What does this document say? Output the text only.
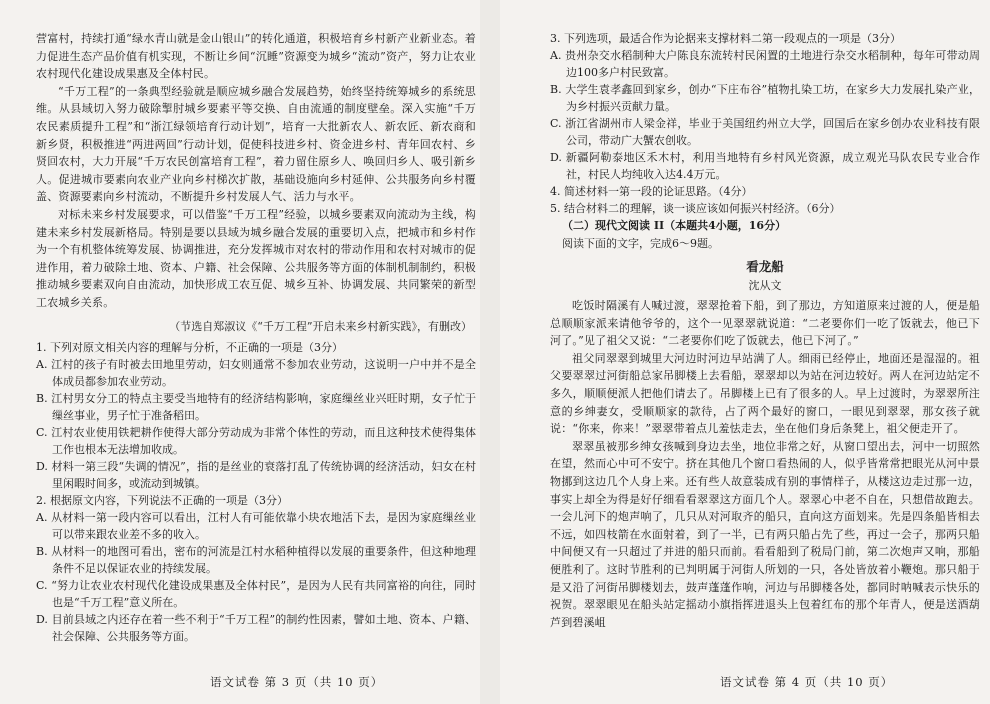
营富村，持续打通“绿水青山就是金山银山”的转化通道，积极培育乡村新产业新业态。着力促进生态产品价值有机实现，不断让乡间“沉睡”资源变为城乡“流动”资产，努力让农业农村现代化建设成果惠及全体村民。

“千万工程”的一条典型经验就是顺应城乡融合发展趋势，始终坚持统筹城乡的系统思维。从县域切入努力破除掣肘城乡要素平等交换、自由流通的制度壁垒。深入实施“千万农民素质提升工程”和“浙江绿领培育行动计划”，培育一大批新农人、新农匠、新农商和新乡贤，积极推进“两进两回”行动计划，促使科技进乡村、资金进乡村、青年回农村、乡贤回农村，大力开展“千万农民创富培育工程”，着力留住原乡人、唤回归乡人、吸引新乡人。促进城市要素向农业产业向乡村梯次扩散，基础设施向乡村延伸、公共服务向乡村覆盖、资源要素向乡村流动，不断提升乡村发展人气、活力与水平。

对标未来乡村发展要求，可以借鉴“千万工程”经验，以城乡要素双向流动为主线，构建未来乡村发展新格局。特别是要以县域为城乡融合发展的重要切入点，把城市和乡村作为一个有机整体统筹发展、协调推进，充分发挥城市对农村的带动作用和农村对城市的促进作用，着力破除土地、资本、户籍、社会保障、公共服务等方面的体制机制制约，积极推动城乡要素双向自由流动，加快形成工农互促、城乡互补、协调发展、共同繁荣的新型工农城乡关系。

（节选自郑淑议《“千万工程”开启未来乡村新实践》，有删改）

1. 下列对原文相关内容的理解与分析，不正确的一项是（3分）

A. 江村的孩子有时被去田地里劳动，妇女则通常不参加农业劳动，这说明一户中并不是全体成员都参加农业劳动。

B. 江村男女分工的特点主要受当地特有的经济结构影响，家庭缫丝业兴旺时期，女子忙于缫丝事业，男子忙于准备稻田。

C. 江村农业使用铁耙耕作使得大部分劳动成为非常个体性的劳动，而且这种技术使得集体工作也根本无法增加收成。

D. 材料一第三段“失调的情况”，指的是丝业的衰落打乱了传统协调的经济活动，妇女在村里闲暇时间多，或流动到城镇。

2. 根据原文内容，下列说法不正确的一项是（3分）

A. 从材料一第一段内容可以看出，江村人有可能依靠小块农地活下去，是因为家庭缫丝业可以带来跟农业差不多的收入。

B. 从材料一的地图可看出，密布的河流是江村水稻种植得以发展的重要条件，但这种地理条件不足以保证农业的持续发展。

C. “努力让农业农村现代化建设成果惠及全体村民”，是因为人民有共同富裕的向往，同时也是“千万工程”意义所在。

D. 目前县域之内还存在着一些不利于“千万工程”的制约性因素，譬如土地、资本、户籍、社会保障、公共服务等方面。

语文试卷 第 3 页（共 10 页）

3. 下列选项，最适合作为论据来支撑材料二第一段观点的一项是（3分）

A. 贵州杂交水稻制种大户陈良东流转村民闲置的土地进行杂交水稻制种，每年可带动周边100多户村民致富。

B. 大学生袁孝鑫回到家乡，创办“下庄布谷”植物扎染工坊，在家乡大力发展扎染产业，为乡村振兴贡献力量。

C. 浙江省湖州市人梁金祥，毕业于美国纽约州立大学，回国后在家乡创办农业科技有限公司，带动广大蟹农创收。

D. 新疆阿勒泰地区禾木村，利用当地特有乡村风光资源，成立观光马队农民专业合作社，村民人均纯收入达4.4万元。

4. 简述材料一第一段的论证思路。（4分）

5. 结合材料二的理解，谈一谈应该如何振兴村经济。（6分）

（二）现代文阅读 II（本题共4小题，16分）

阅读下面的文字，完成6～9题。

看龙船

沈从文

吃饭时隔溪有人喊过渡，翠翠抢着下船，到了那边，方知道原来过渡的人，便是船总顺顺家派来请他爷爷的，这个一见翠翠就说道：“二老要你们一吃了饭就去，他已下河了。”见了祖父又说：“二老要你们吃了饭就去，他已下河了。”

祖父同翠翠到城里大河边时河边早站满了人。细雨已经停止，地面还是湿湿的。祖父要翠翠过河街船总家吊脚楼上去看船，翠翠却以为站在河边较好。两人在河边站定不多久，顺顺便派人把他们请去了。吊脚楼上已有了很多的人。早上过渡时，为翠翠所注意的乡绅妻女，受顺顺家的款待，占了两个最好的窗口，一眼见到翠翠，那女孩子就说：“你来，你来！”翠翠带着点儿羞怯走去，坐在他们身后条凳上，祖父便走开了。

翠翠虽被那乡绅女孩喊到身边去坐，地位非常之好，从窗口望出去，河中一切照然在望，然而心中可不安宁。挤在其他几个窗口看热闹的人，似乎皆常常把眼光从河中景物挪到这边几个人身上来。还有些人故意装成有别的事情样子，从楼这边走过那一边，事实上却全为得是好仔细看看翠翠这方面几个人。翠翠心中老不自在，只想借故跑去。一会儿河下的炮声响了，几只从对河取齐的船只，直向这方面划来。先是四条船皆相去不远，如四枝箭在水面射着，到了一半，已有两只船占先了些，再过一会子，那两只船中间便又有一只超过了并进的船只而前。看看船到了税局门前，第二次炮声又响，那船便胜利了。这时节胜利的已判明属于河街人所划的一只，各处皆放着小鞭炮。那只船于是又沿了河街吊脚楼划去，鼓声蓬蓬作响，河边与吊脚楼各处，都同时呐喊表示快乐的祝贺。翠翠眼见在船头站定摇动小旗指挥进退头上包着红布的那个年青人，便是送酒葫芦到碧溪岨

语文试卷 第 4 页（共 10 页）
